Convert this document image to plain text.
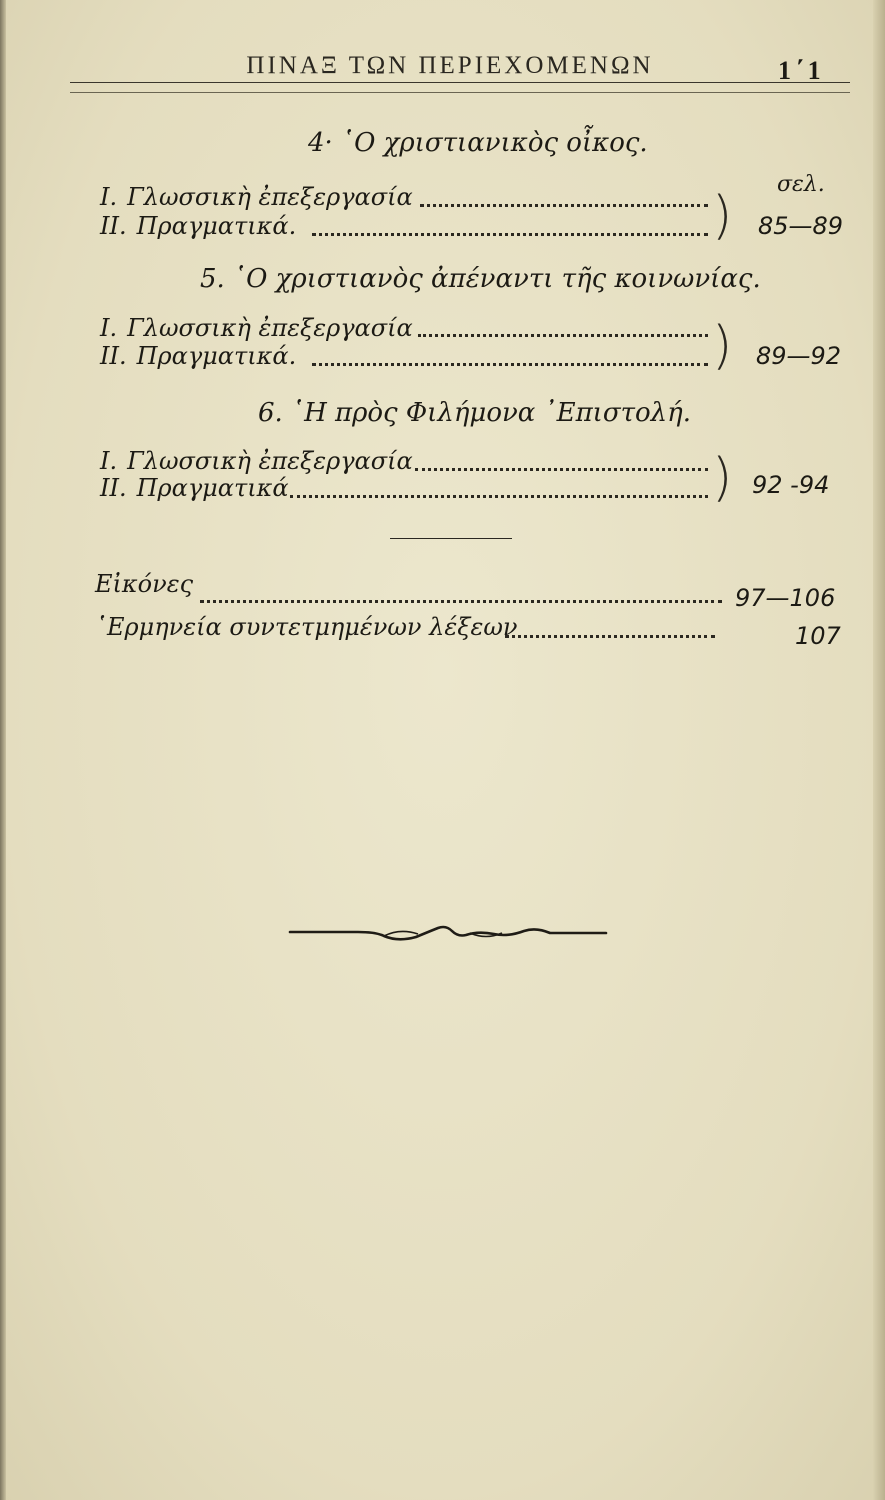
ΠΙΝΑΞ ΤΩΝ ΠΕΡΙΕΧΟΜΕΝΩΝ	1΄1
4· ῾Ο χριστιανικὸς οἶκος.
σελ.
I. Γλωσσικὴ ἐπεξεργασία
II. Πραγματικά.	) 85—89
5. ῾Ο χριστιανὸς ἀπέναντι τῆς κοινωνίας.
I. Γλωσσικὴ ἐπεξεργασία
II. Πραγματικά.	) 89—92
6. ῾Η πρὸς Φιλήμονα ᾿Επιστολή.
I. Γλωσσικὴ ἐπεξεργασία
II. Πραγματικά	) 92 -94
Εἰκόνες	97—106
῾Ερμηνεία συντετμημένων λέξεων	107
